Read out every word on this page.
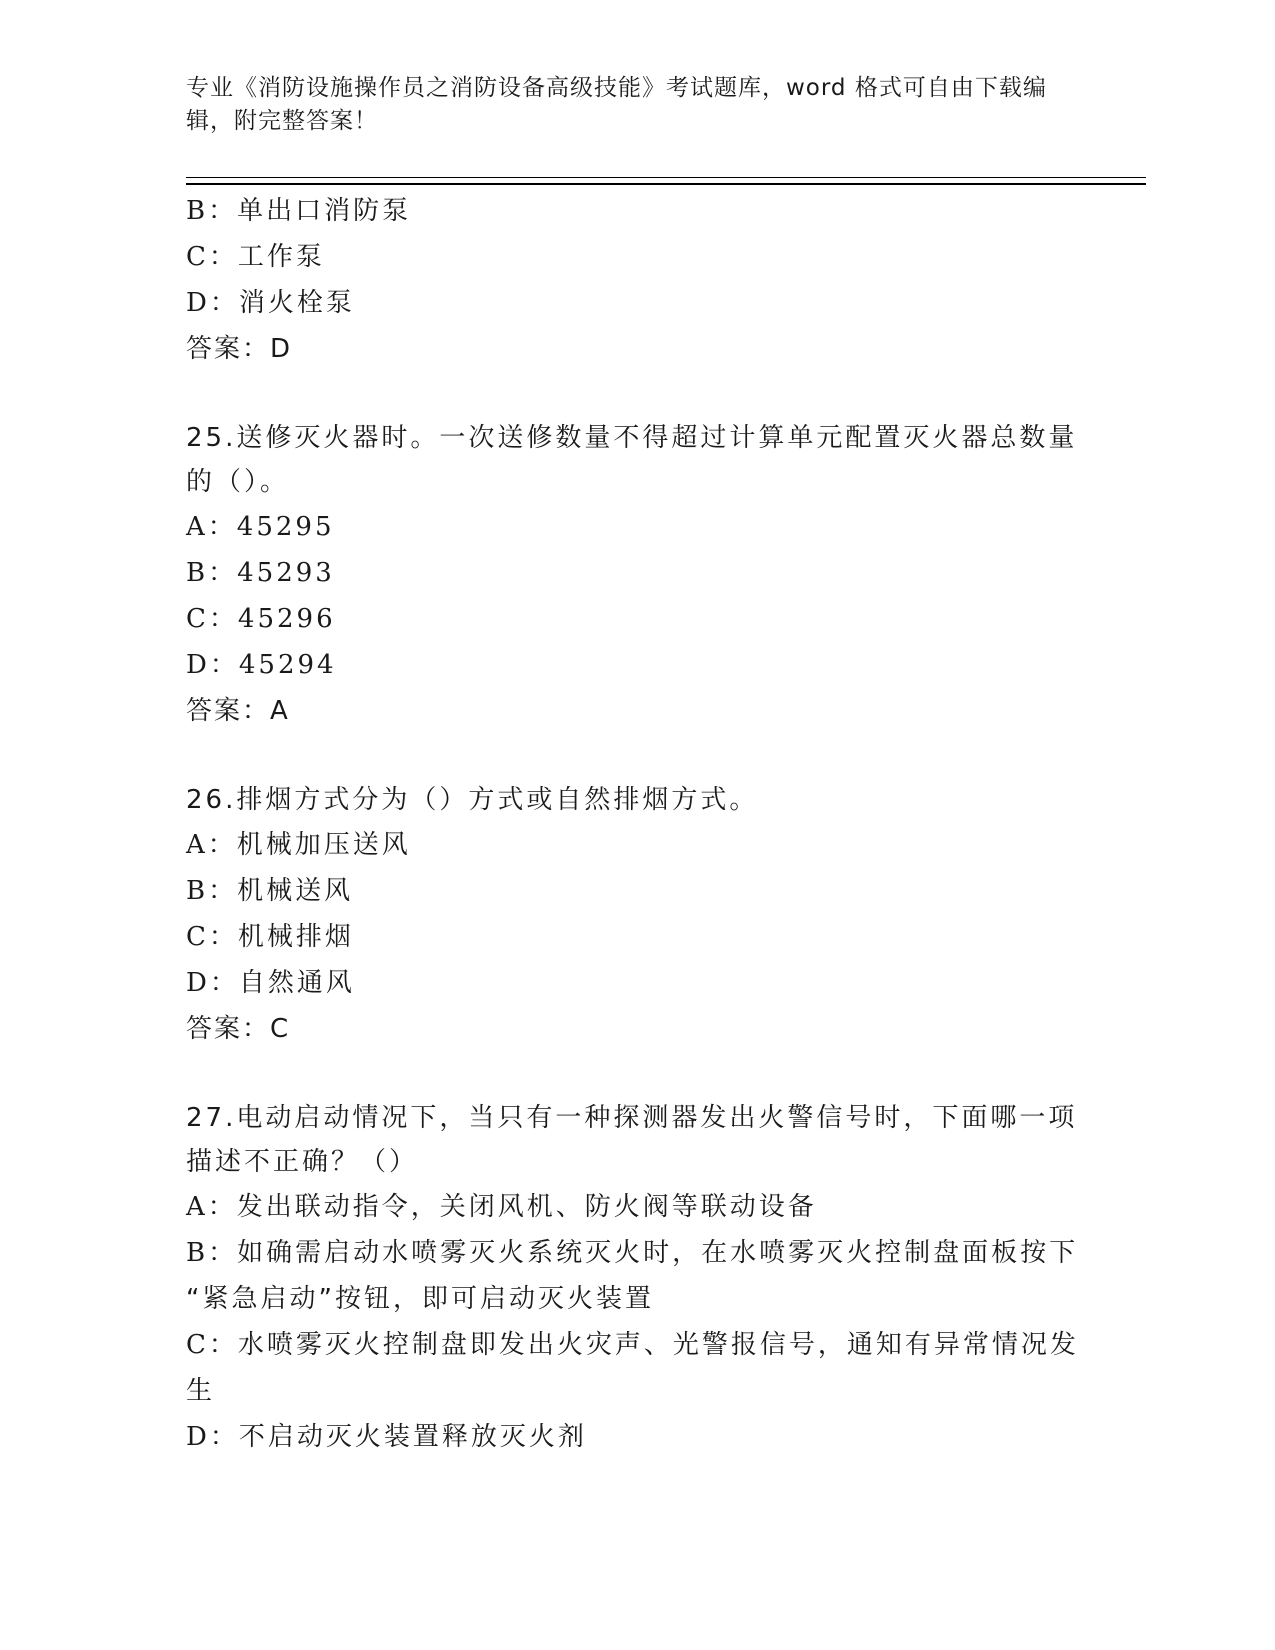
专业《消防设施操作员之消防设备高级技能》考试题库，word 格式可自由下载编
辑，附完整答案！
B：单出口消防泵
C：工作泵
D：消火栓泵
答案：D
25.送修灭火器时。一次送修数量不得超过计算单元配置灭火器总数量
的（）。
A：45295
B：45293
C：45296
D：45294
答案：A
26.排烟方式分为（）方式或自然排烟方式。
A：机械加压送风
B：机械送风
C：机械排烟
D：自然通风
答案：C
27.电动启动情况下，当只有一种探测器发出火警信号时，下面哪一项
描述不正确？（）
A：发出联动指令，关闭风机、防火阀等联动设备
B：如确需启动水喷雾灭火系统灭火时，在水喷雾灭火控制盘面板按下
“紧急启动”按钮，即可启动灭火装置
C：水喷雾灭火控制盘即发出火灾声、光警报信号，通知有异常情况发
生
D：不启动灭火装置释放灭火剂
